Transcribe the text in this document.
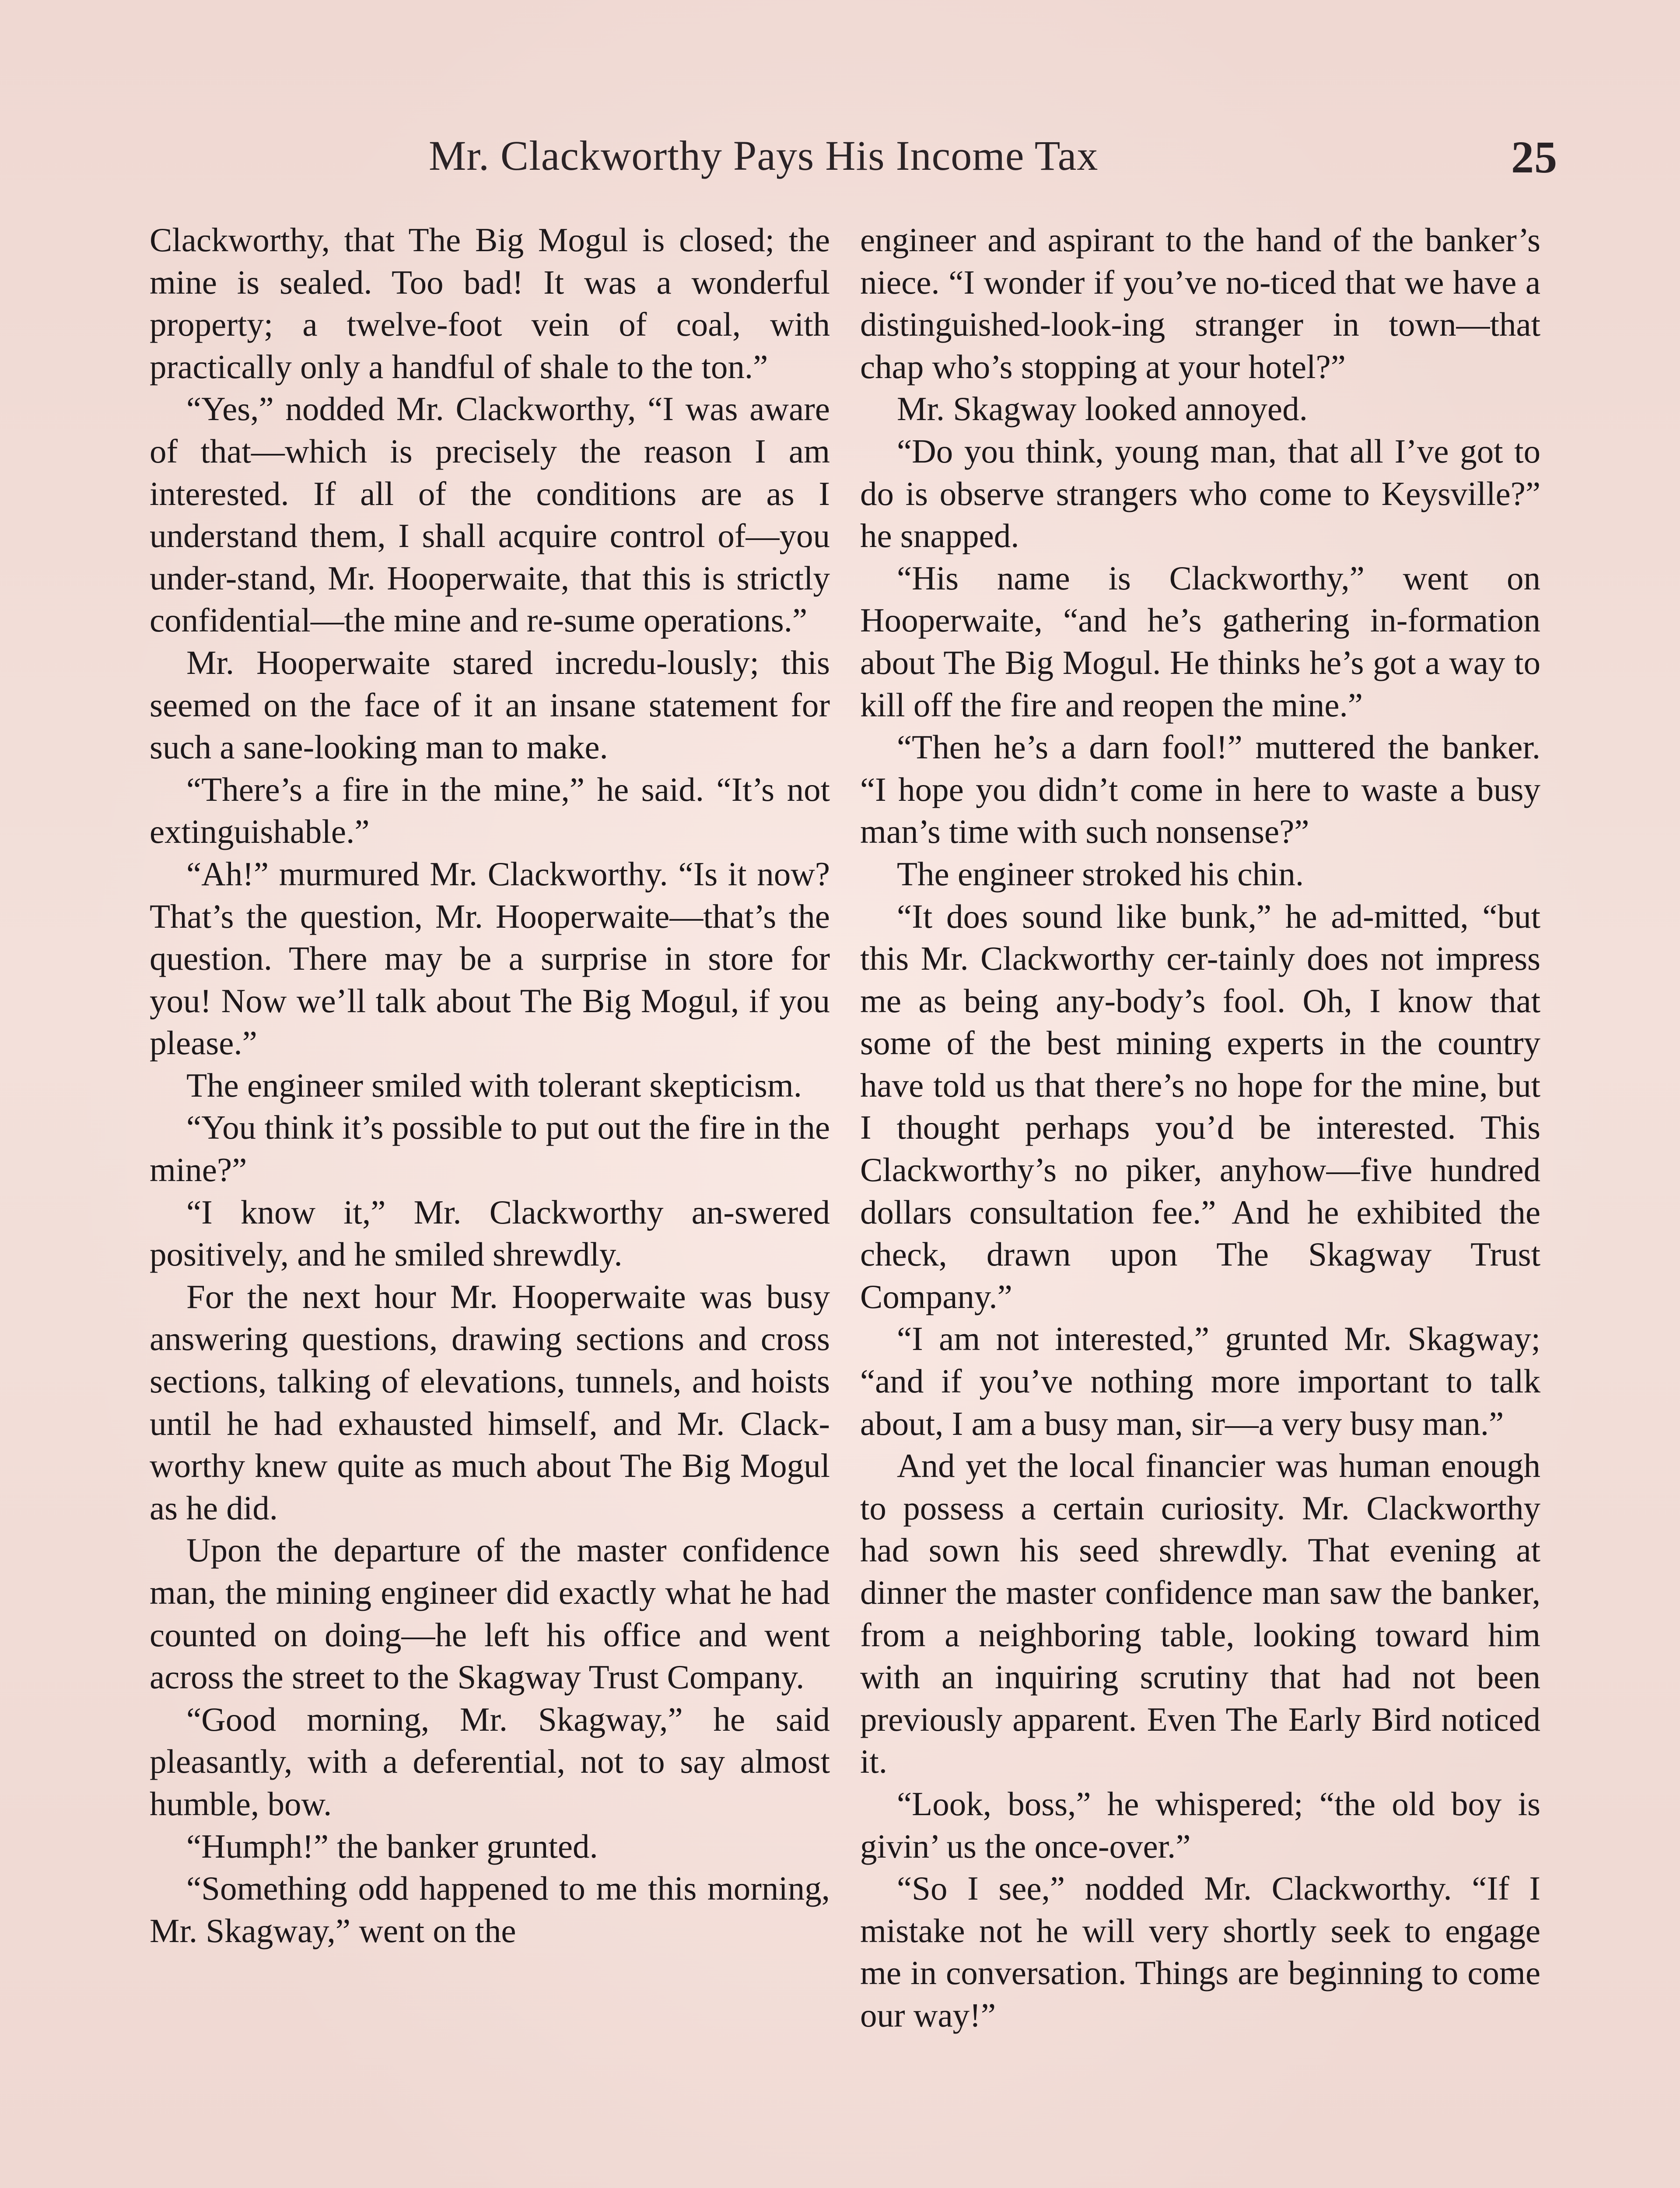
Mr. Clackworthy Pays His Income Tax	25

Clackworthy, that The Big Mogul is closed; the mine is sealed. Too bad! It was a wonderful property; a twelve-foot vein of coal, with practically only a handful of shale to the ton.”

“Yes,” nodded Mr. Clackworthy, “I was aware of that—which is precisely the reason I am interested. If all of the conditions are as I understand them, I shall acquire control of—you under-stand, Mr. Hooperwaite, that this is strictly confidential—the mine and re-sume operations.”

Mr. Hooperwaite stared incredu-lously; this seemed on the face of it an insane statement for such a sane-looking man to make.

“There’s a fire in the mine,” he said. “It’s not extinguishable.”

“Ah!” murmured Mr. Clackworthy. “Is it now? That’s the question, Mr. Hooperwaite—that’s the question. There may be a surprise in store for you! Now we’ll talk about The Big Mogul, if you please.”

The engineer smiled with tolerant skepticism.

“You think it’s possible to put out the fire in the mine?”

“I know it,” Mr. Clackworthy an-swered positively, and he smiled shrewdly.

For the next hour Mr. Hooperwaite was busy answering questions, drawing sections and cross sections, talking of elevations, tunnels, and hoists until he had exhausted himself, and Mr. Clack-worthy knew quite as much about The Big Mogul as he did.

Upon the departure of the master confidence man, the mining engineer did exactly what he had counted on doing—he left his office and went across the street to the Skagway Trust Company.

“Good morning, Mr. Skagway,” he said pleasantly, with a deferential, not to say almost humble, bow.

“Humph!” the banker grunted.

“Something odd happened to me this morning, Mr. Skagway,” went on the

engineer and aspirant to the hand of the banker’s niece. “I wonder if you’ve no-ticed that we have a distinguished-look-ing stranger in town—that chap who’s stopping at your hotel?”

Mr. Skagway looked annoyed.

“Do you think, young man, that all I’ve got to do is observe strangers who come to Keysville?” he snapped.

“His name is Clackworthy,” went on Hooperwaite, “and he’s gathering in-formation about The Big Mogul. He thinks he’s got a way to kill off the fire and reopen the mine.”

“Then he’s a darn fool!” muttered the banker. “I hope you didn’t come in here to waste a busy man’s time with such nonsense?”

The engineer stroked his chin.

“It does sound like bunk,” he ad-mitted, “but this Mr. Clackworthy cer-tainly does not impress me as being any-body’s fool. Oh, I know that some of the best mining experts in the country have told us that there’s no hope for the mine, but I thought perhaps you’d be interested. This Clackworthy’s no piker, anyhow—five hundred dollars consultation fee.” And he exhibited the check, drawn upon The Skagway Trust Company.”

“I am not interested,” grunted Mr. Skagway; “and if you’ve nothing more important to talk about, I am a busy man, sir—a very busy man.”

And yet the local financier was human enough to possess a certain curiosity. Mr. Clackworthy had sown his seed shrewdly. That evening at dinner the master confidence man saw the banker, from a neighboring table, looking toward him with an inquiring scrutiny that had not been previously apparent. Even The Early Bird noticed it.

“Look, boss,” he whispered; “the old boy is givin’ us the once-over.”

“So I see,” nodded Mr. Clackworthy. “If I mistake not he will very shortly seek to engage me in conversation. Things are beginning to come our way!”
